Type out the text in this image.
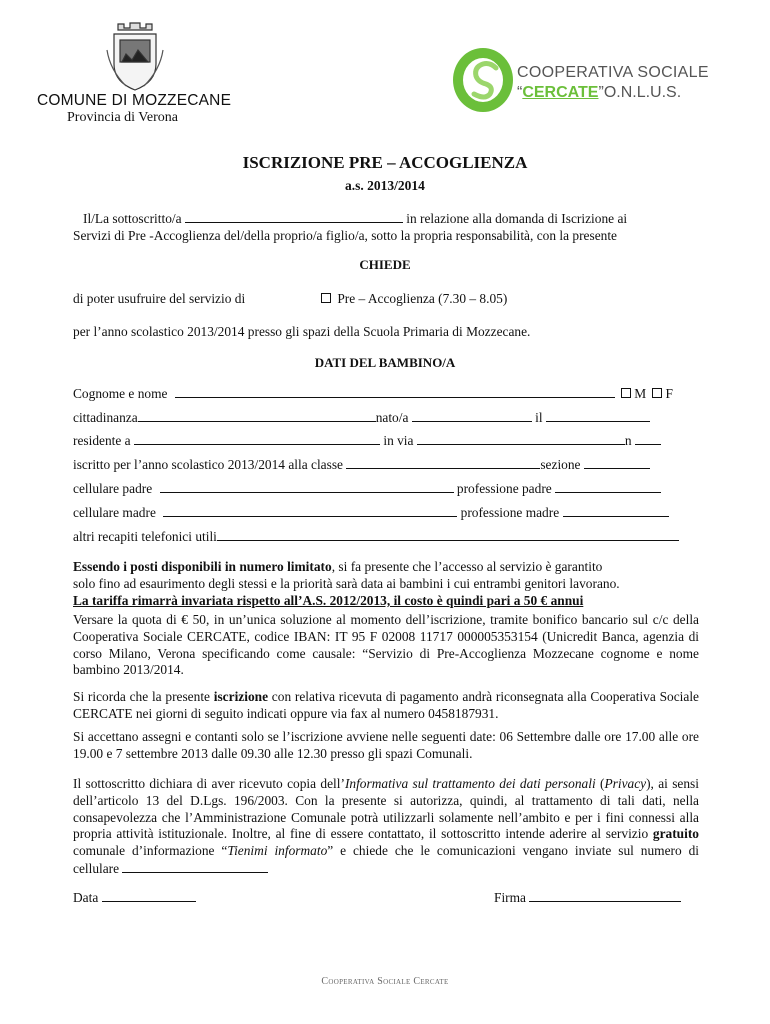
COMUNE DI MOZZECANE
Provincia di Verona
COOPERATIVA SOCIALE
“CERCATE”O.N.L.U.S.
ISCRIZIONE PRE – ACCOGLIENZA
a.s. 2013/2014
Il/La sottoscritto/a	in relazione alla domanda di Iscrizione ai
Servizi di Pre -Accoglienza del/della proprio/a figlio/a, sotto la propria responsabilità, con la presente
CHIEDE
di poter usufruire del servizio di	Pre – Accoglienza (7.30 – 8.05)
per l’anno scolastico 2013/2014 presso gli spazi della Scuola Primaria di Mozzecane.
DATI DEL BAMBINO/A
Cognome e nome	M F
cittadinanza	nato/a	il
residente a	in via	n
iscritto per l’anno scolastico 2013/2014 alla classe	sezione
cellulare padre	professione padre
cellulare madre	professione madre
altri recapiti telefonici utili
Essendo i posti disponibili in numero limitato, si fa presente che l’accesso al servizio è garantito
solo fino ad esaurimento degli stessi e la priorità sarà data ai bambini i cui entrambi genitori lavorano.
La tariffa rimarrà invariata rispetto all’A.S. 2012/2013, il costo è quindi pari a 50 € annui
Versare la quota di € 50, in un’unica soluzione al momento dell’iscrizione, tramite bonifico bancario sul c/c della Cooperativa Sociale CERCATE, codice IBAN: IT 95 F 02008 11717 000005353154 (Unicredit Banca, agenzia di corso Milano, Verona specificando come causale: “Servizio di Pre-Accoglienza Mozzecane cognome e nome bambino 2013/2014.
Si ricorda che la presente iscrizione con relativa ricevuta di pagamento andrà riconsegnata alla Cooperativa Sociale CERCATE nei giorni di seguito indicati oppure via fax al numero 0458187931.
Si accettano assegni e contanti solo se l’iscrizione avviene nelle seguenti date: 06 Settembre dalle ore 17.00 alle ore 19.00 e 7 settembre 2013 dalle 09.30 alle 12.30 presso gli spazi Comunali.
Il sottoscritto dichiara di aver ricevuto copia dell’Informativa sul trattamento dei dati personali (Privacy), ai sensi dell’articolo 13 del D.Lgs. 196/2003. Con la presente si autorizza, quindi, al trattamento di tali dati, nella consapevolezza che l’Amministrazione Comunale potrà utilizzarli solamente nell’ambito e per i fini connessi alla propria attività istituzionale. Inoltre, al fine di essere contattato, il sottoscritto intende aderire al servizio gratuito comunale d’informazione “Tienimi informato” e chiede che le comunicazioni vengano inviate sul numero di cellulare
Data	Firma
Cooperativa Sociale Cercate
